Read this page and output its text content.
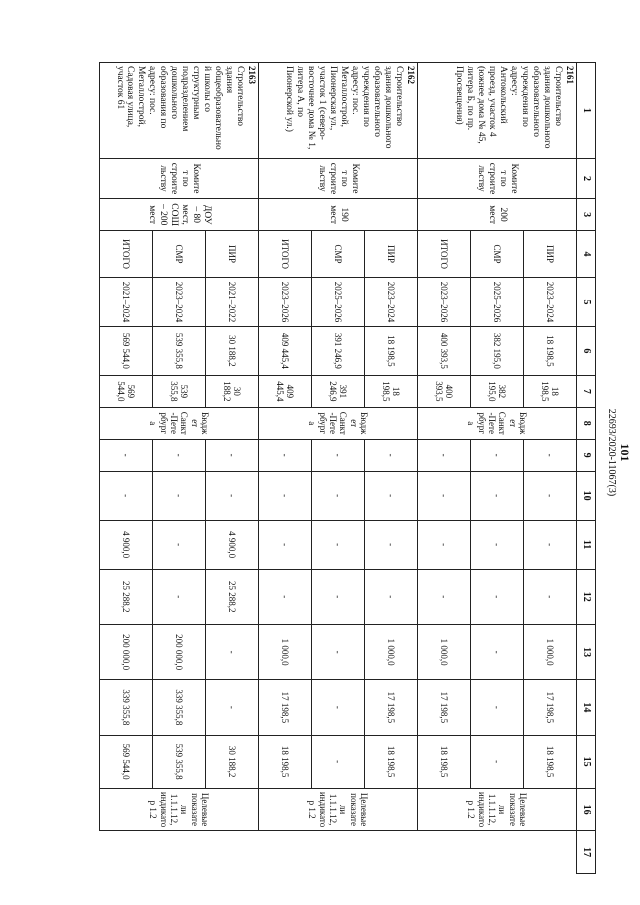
101
22693/2020-11067(3)
1	2	3	4	5	6	7	8	9	10	11	12	13	14	15	16	17

2161
Строительство здания дошкольного образовательного учреждения по адресу: Антокольский проезд, участок 4 (южнее дома № 45, литера Б, по пр. Просвещения)	Комитет по строительству	200 мест	ПИР	2023–2024	18 198,5	18 198,5	Бюджет Санкт-Петербурга	-	-	-	-	1 000,0	17 198,5	18 198,5	Целевые показатели 1.1.1.12, индикатор 1.2	
			СМР	2025–2026	382 195,0	382 195,0		-	-	-	-	-	-	-		
			ИТОГО	2023–2026	400 393,5	400 393,5		-	-	-	-	1 000,0	17 198,5	18 198,5		

2162
Строительство здания дошкольного образовательного учреждения по адресу: пос. Металлострой, Пионерская ул., участок 1 (северо-восточнее дома № 1, литера А, по Пионерской ул.)	Комитет по строительству	190 мест	ПИР	2023–2024	18 198,5	18 198,5	Бюджет Санкт-Петербурга	-	-	-	-	1 000,0	17 198,5	18 198,5	Целевые показатели 1.1.1.12, индикатор 1.2	
			СМР	2025–2026	391 246,9	391 246,9		-	-	-	-	-	-	-		
			ИТОГО	2023–2026	409 445,4	409 445,4		-	-	-	-	1 000,0	17 198,5	18 198,5		

2163
Строительство здания общеобразовательной школы со структурным подразделением дошкольного образования по адресу: пос. Металлострой, Садовая улица, участок 61	Комитет по строительству	ДОУ – 80 мест, СОШ – 200 мест	ПИР	2021–2022	30 188,2	30 188,2	Бюджет Санкт-Петербурга	-	-	4 900,0	25 288,2	-	-	30 188,2	Целевые показатели 1.1.1.12, индикатор 1.2	
			СМР	2023–2024	539 355,8	539 355,8		-	-	-	-	200 000,0	339 355,8	539 355,8		
			ИТОГО	2021–2024	569 544,0	569 544,0		-	-	4 900,0	25 288,2	200 000,0	339 355,8	569 544,0		
